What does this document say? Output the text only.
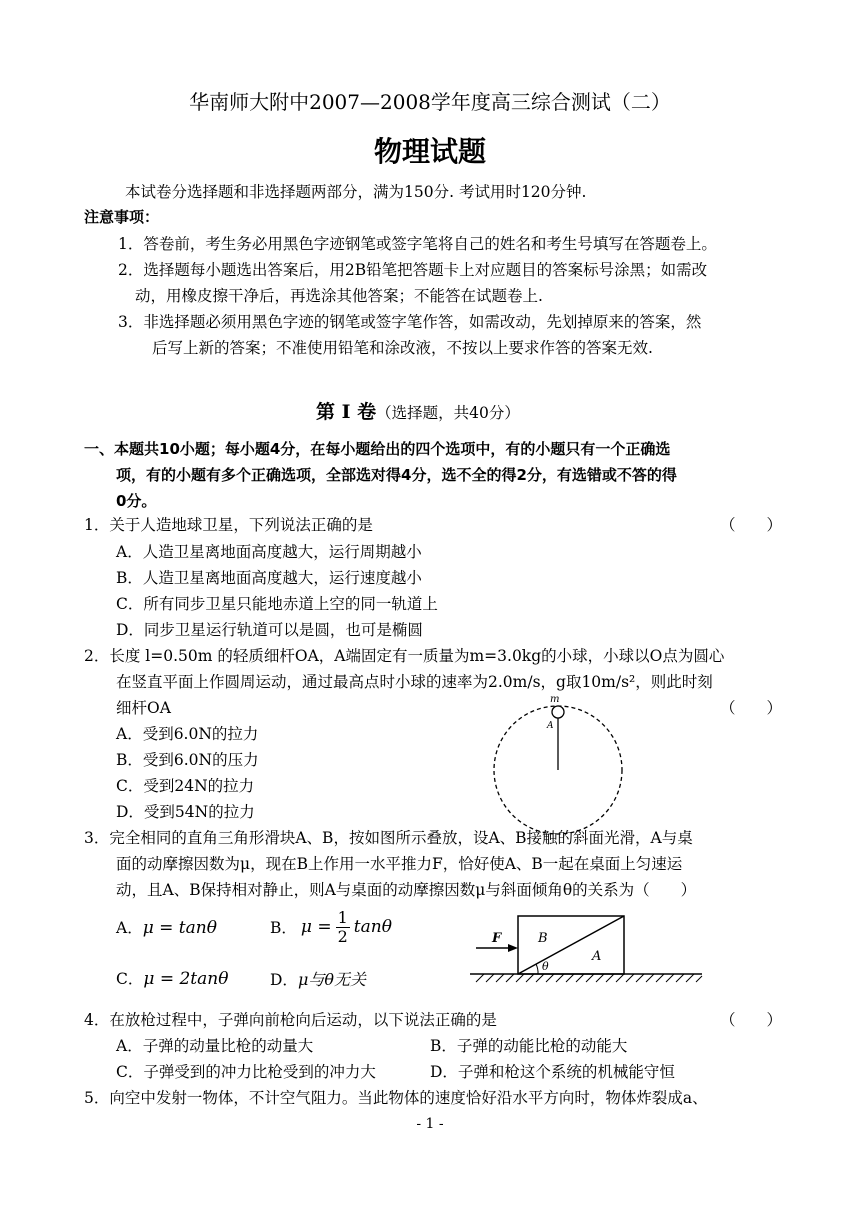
华南师大附中2007—2008学年度高三综合测试（二）
物理试题
本试卷分选择题和非选择题两部分，满为150分. 考试用时120分钟.
注意事项：
1．答卷前，考生务必用黑色字迹钢笔或签字笔将自己的姓名和考生号填写在答题卷上。
2．选择题每小题选出答案后，用2B铅笔把答题卡上对应题目的答案标号涂黑；如需改
动，用橡皮擦干净后，再选涂其他答案；不能答在试题卷上.
3．非选择题必须用黑色字迹的钢笔或签字笔作答，如需改动，先划掉原来的答案，然
后写上新的答案；不准使用铅笔和涂改液，不按以上要求作答的答案无效.
第 Ⅰ 卷（选择题，共40分）
一、本题共10小题；每小题4分，在每小题给出的四个选项中，有的小题只有一个正确选
项，有的小题有多个正确选项，全部选对得4分，选不全的得2分，有选错或不答的得
0分。
1．关于人造地球卫星，下列说法正确的是	（　　）
A．人造卫星离地面高度越大，运行周期越小
B．人造卫星离地面高度越大，运行速度越小
C．所有同步卫星只能地赤道上空的同一轨道上
D．同步卫星运行轨道可以是圆，也可是椭圆
2．长度 l=0.50m 的轻质细杆OA，A端固定有一质量为m=3.0kg的小球，小球以O点为圆心
在竖直平面上作圆周运动，通过最高点时小球的速率为2.0m/s，g取10m/s²，则此时刻
细杆OA	（　　）
A．受到6.0N的拉力
B．受到6.0N的压力
C．受到24N的拉力
D．受到54N的拉力
m
A
3．完全相同的直角三角形滑块A、B，按如图所示叠放，设A、B接触的斜面光滑，A与桌
面的动摩擦因数为μ，现在B上作用一水平推力F，恰好使A、B一起在桌面上匀速运
动，且A、B保持相对静止，则A与桌面的动摩擦因数μ与斜面倾角θ的关系为（　　）
A．μ = tanθ	B． $\mu = \frac{1}{2}$ tanθ
C．μ = 2tanθ	D．μ与θ无关
F	B
A
θ
4．在放枪过程中，子弹向前枪向后运动，以下说法正确的是	（　　）
A．子弹的动量比枪的动量大	B．子弹的动能比枪的动能大
C．子弹受到的冲力比枪受到的冲力大	D．子弹和枪这个系统的机械能守恒
5．向空中发射一物体，不计空气阻力。当此物体的速度恰好沿水平方向时，物体炸裂成a、
- 1 -
